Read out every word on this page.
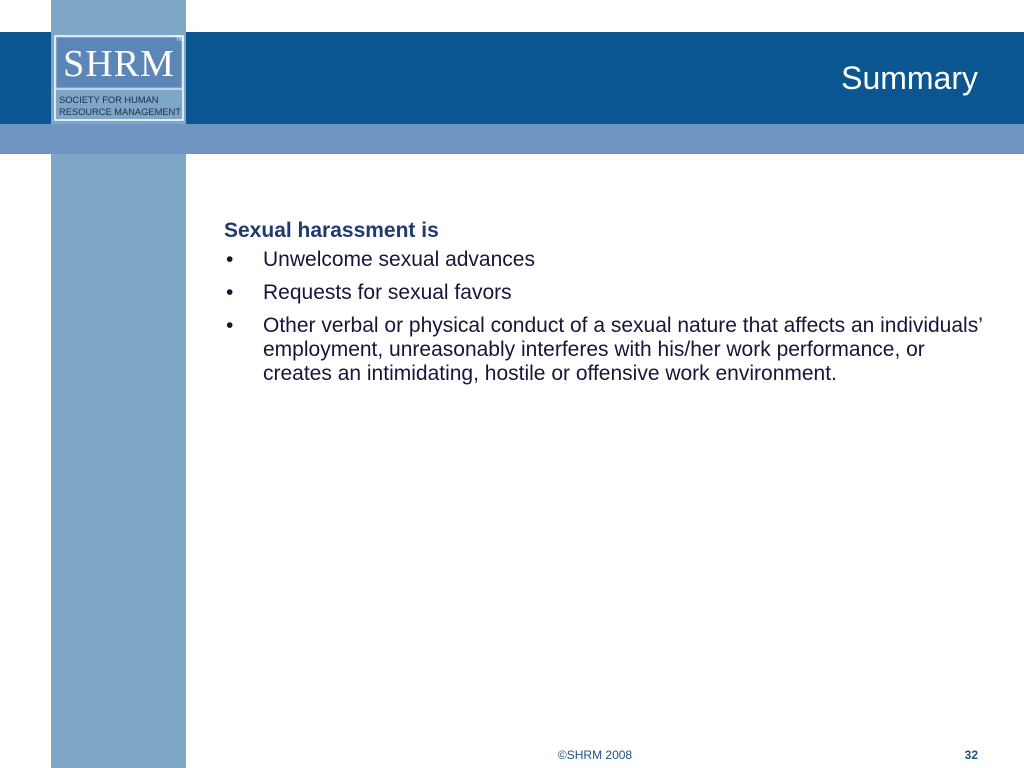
SHRM
TM
SOCIETY FOR HUMAN
RESOURCE MANAGEMENT
Summary

Sexual harassment is

•	Unwelcome sexual advances
•	Requests for sexual favors
•	Other verbal or physical conduct of a sexual nature that affects an individuals’ employment, unreasonably interferes with his/her work performance, or creates an intimidating, hostile or offensive work environment.
©SHRM 2008	32
